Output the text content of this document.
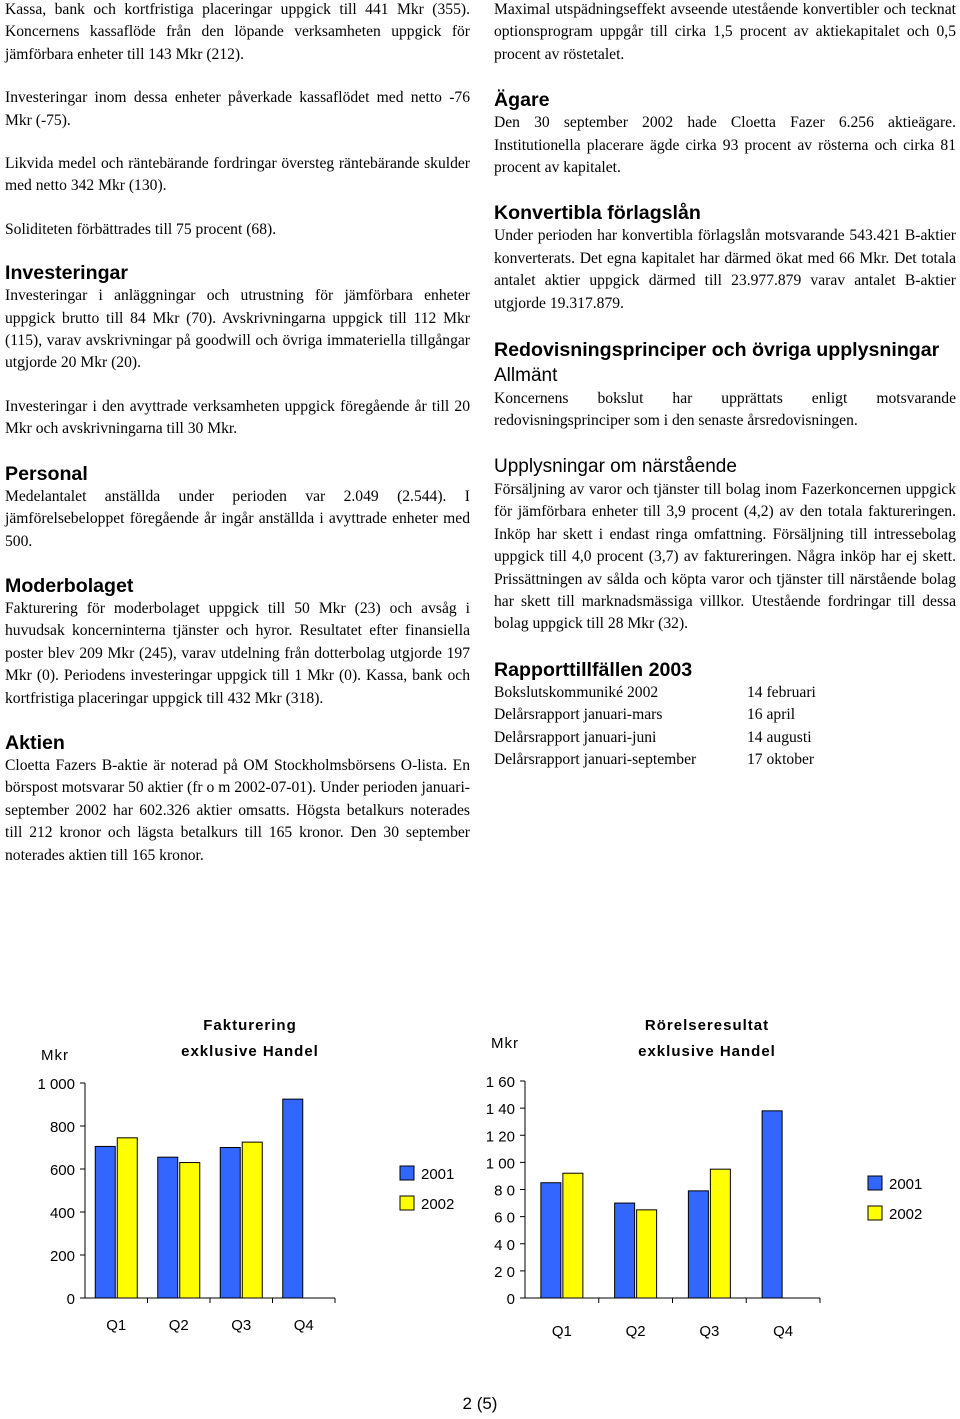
Kassa, bank och kortfristiga placeringar uppgick till 441 Mkr (355). Koncernens kassaflöde från den löpande verksamheten uppgick för jämförbara enheter till 143 Mkr (212).

Investeringar inom dessa enheter påverkade kassaflödet med netto -76 Mkr (-75).

Likvida medel och räntebärande fordringar översteg räntebärande skulder med netto 342 Mkr (130).

Soliditeten förbättrades till 75 procent (68).

Investeringar

Investeringar i anläggningar och utrustning för jämförbara enheter uppgick brutto till 84 Mkr (70). Avskrivningarna uppgick till 112 Mkr (115), varav avskrivningar på goodwill och övriga immateriella tillgångar utgjorde 20 Mkr (20).

Investeringar i den avyttrade verksamheten uppgick föregående år till 20 Mkr och avskrivningarna till 30 Mkr.

Personal

Medelantalet anställda under perioden var 2.049 (2.544). I jämförelsebeloppet föregående år ingår anställda i avyttrade enheter med 500.

Moderbolaget

Fakturering för moderbolaget uppgick till 50 Mkr (23) och avsåg i huvudsak koncerninterna tjänster och hyror. Resultatet efter finansiella poster blev 209 Mkr (245), varav utdelning från dotterbolag utgjorde 197 Mkr (0). Periodens investeringar uppgick till 1 Mkr (0). Kassa, bank och kortfristiga placeringar uppgick till 432 Mkr (318).

Aktien

Cloetta Fazers B-aktie är noterad på OM Stockholmsbörsens O-lista. En börspost motsvarar 50 aktier (fr o m 2002-07-01). Under perioden januari-september 2002 har 602.326 aktier omsatts. Högsta betalkurs noterades till 212 kronor och lägsta betalkurs till 165 kronor. Den 30 september noterades aktien till 165 kronor.

Maximal utspädningseffekt avseende utestående konvertibler och tecknat optionsprogram uppgår till cirka 1,5 procent av aktiekapitalet och 0,5 procent av röstetalet.

Ägare

Den 30 september 2002 hade Cloetta Fazer 6.256 aktieägare. Institutionella placerare ägde cirka 93 procent av rösterna och cirka 81 procent av kapitalet.

Konvertibla förlagslån

Under perioden har konvertibla förlagslån motsvarande 543.421 B-aktier konverterats. Det egna kapitalet har därmed ökat med 66 Mkr. Det totala antalet aktier uppgick därmed till 23.977.879 varav antalet B-aktier utgjorde 19.317.879.

Redovisningsprinciper och övriga upplysningar
Allmänt

Koncernens bokslut har upprättats enligt motsvarande redovisningsprinciper som i den senaste årsredovisningen.

Upplysningar om närstående

Försäljning av varor och tjänster till bolag inom Fazerkoncernen uppgick för jämförbara enheter till 3,9 procent (4,2) av den totala faktureringen. Inköp har skett i endast ringa omfattning. Försäljning till intressebolag uppgick till 4,0 procent (3,7) av faktureringen. Några inköp har ej skett. Prissättningen av sålda och köpta varor och tjänster till närstående bolag har skett till marknadsmässiga villkor. Utestående fordringar till dessa bolag uppgick till 28 Mkr (32).

Rapporttillfällen 2003
Bokslutskommuniké 2002	14 februari
Delårsrapport januari-mars	16 april
Delårsrapport januari-juni	14 augusti
Delårsrapport januari-september	17 oktober
Fakturering
exklusive Handel
Mkr
0
200
400
600
800
1 000
Q1	Q2	Q3	Q4
2001
2002
Rörelseresultat
exklusive Handel
Mkr
0
2 0
4 0
6 0
8 0
1 00
1 20
1 40
1 60
Q1	Q2	Q3	Q4
2001
2002
2 (5)
